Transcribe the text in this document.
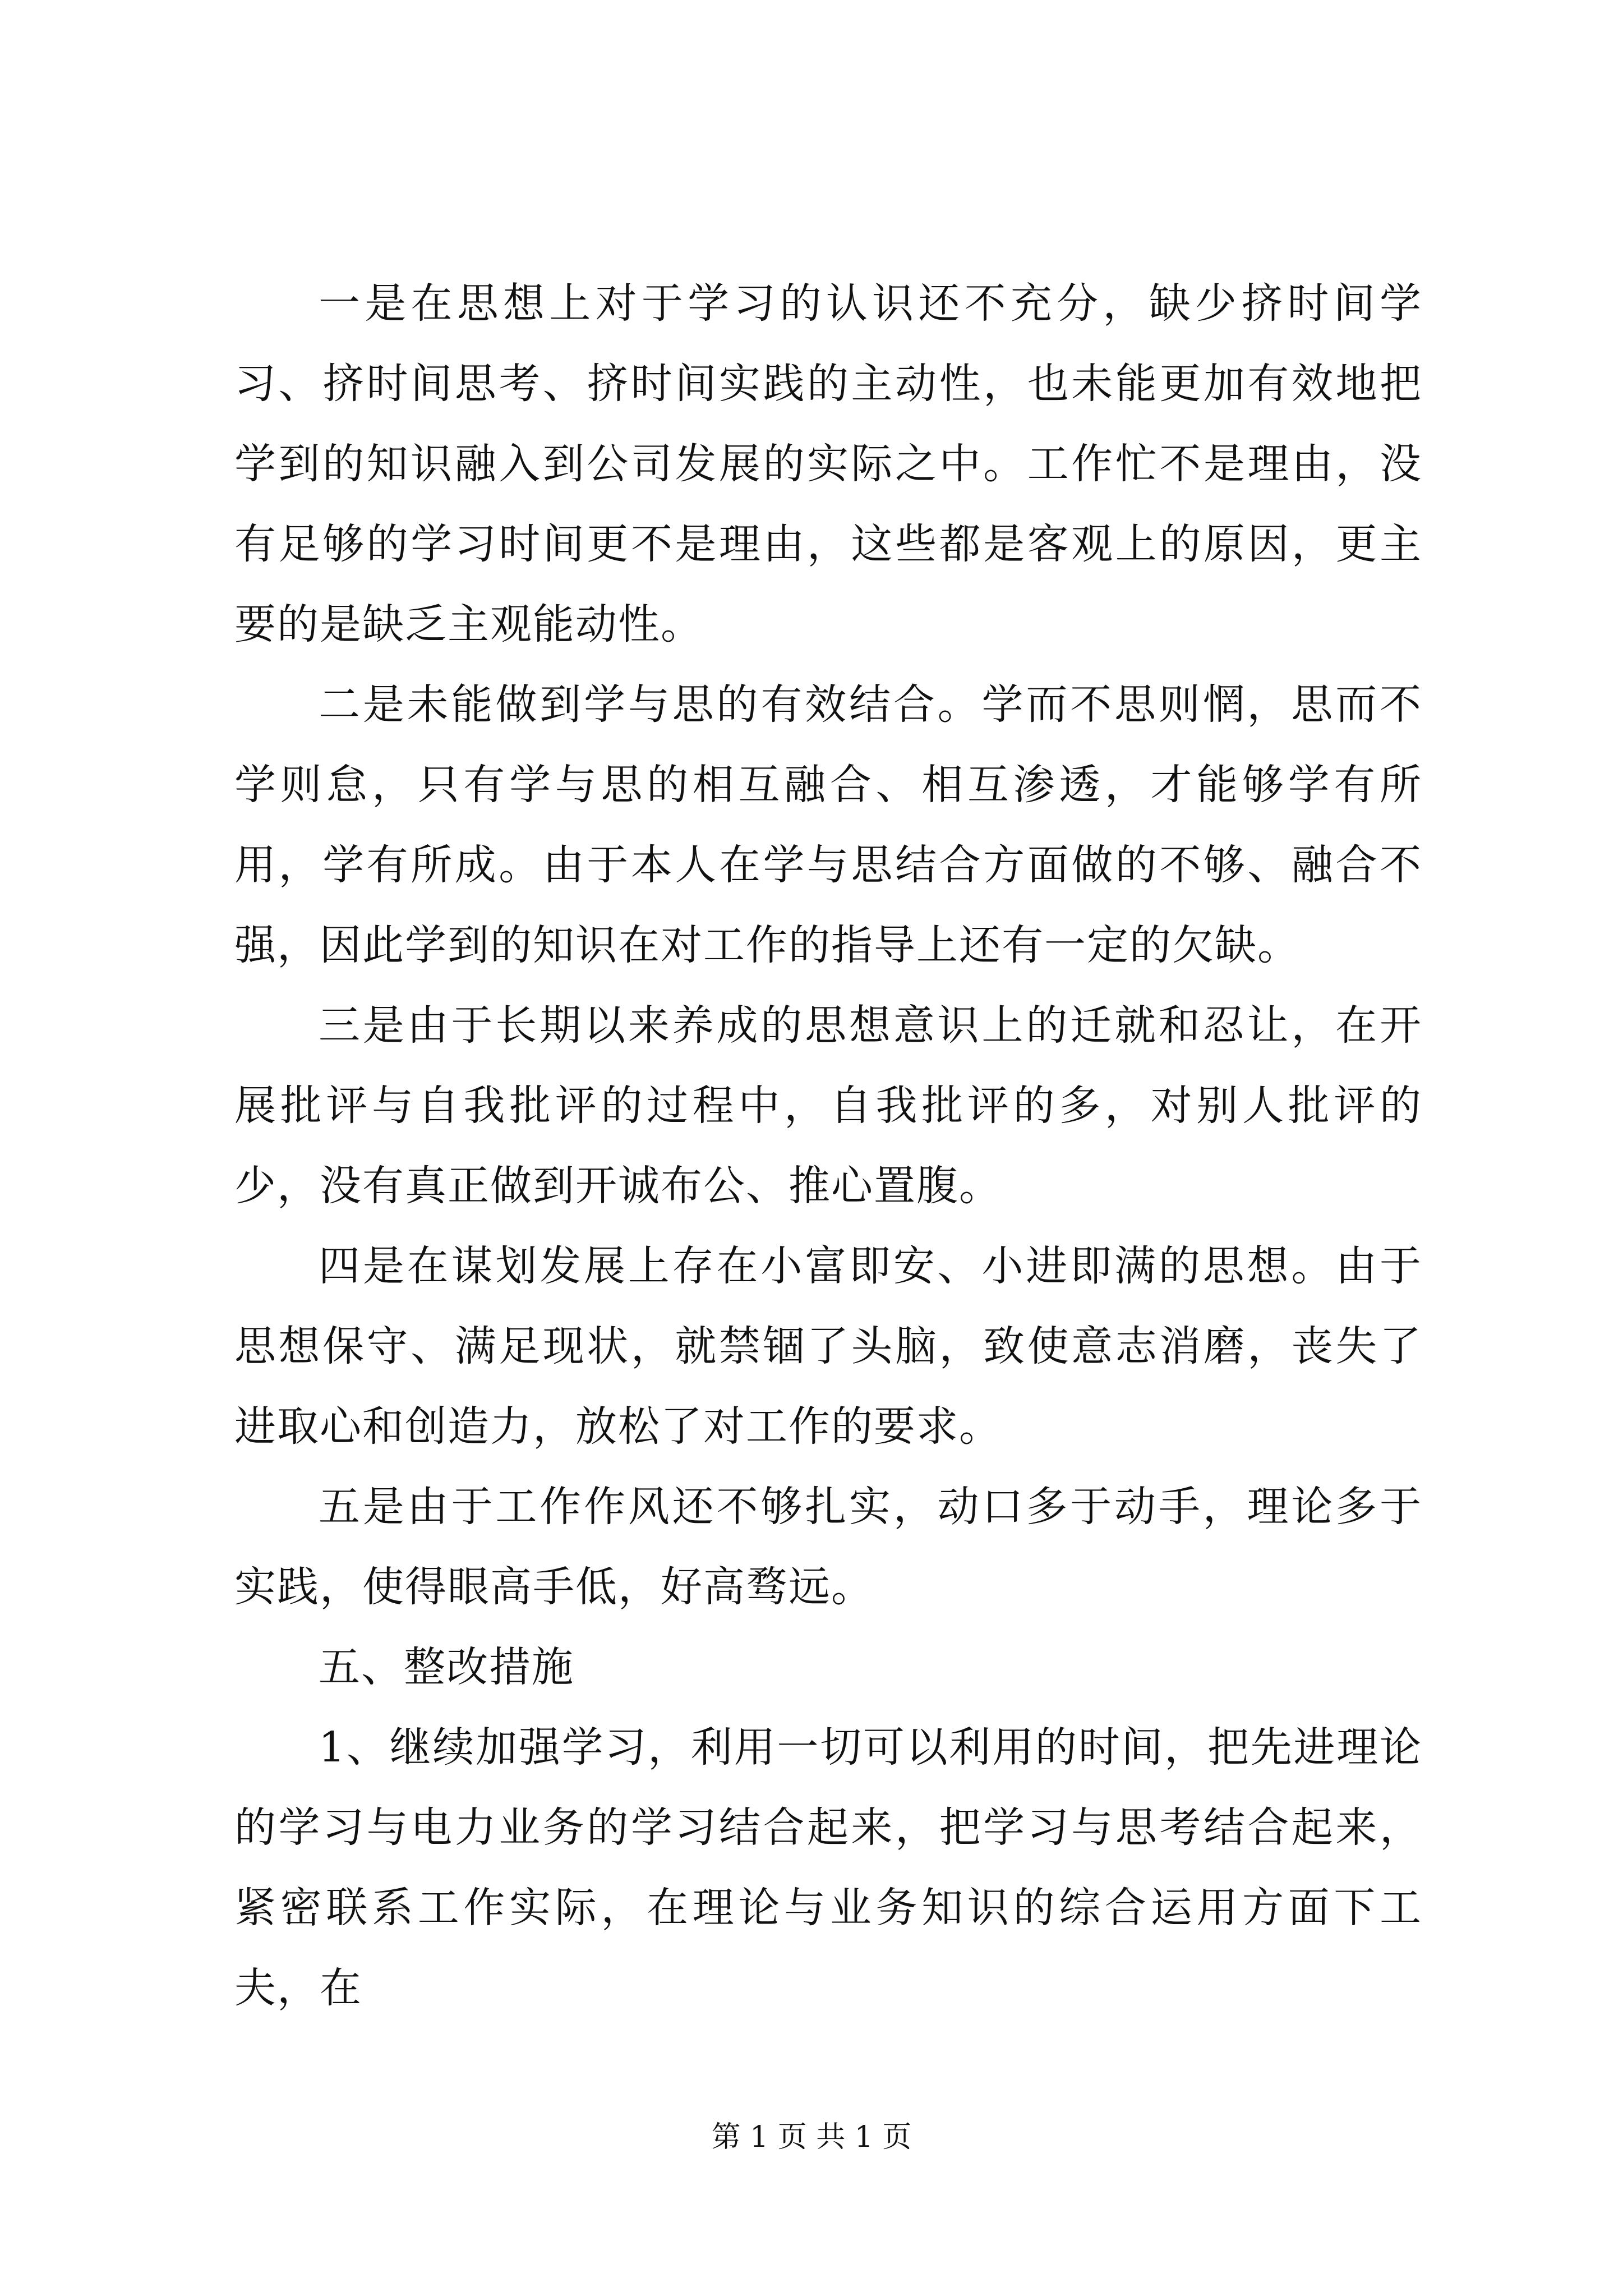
一是在思想上对于学习的认识还不充分，缺少挤时间学习、挤时间思考、挤时间实践的主动性，也未能更加有效地把学到的知识融入到公司发展的实际之中。工作忙不是理由，没有足够的学习时间更不是理由，这些都是客观上的原因，更主要的是缺乏主观能动性。

二是未能做到学与思的有效结合。学而不思则惘，思而不学则怠，只有学与思的相互融合、相互渗透，才能够学有所用，学有所成。由于本人在学与思结合方面做的不够、融合不强，因此学到的知识在对工作的指导上还有一定的欠缺。

三是由于长期以来养成的思想意识上的迁就和忍让，在开展批评与自我批评的过程中，自我批评的多，对别人批评的少，没有真正做到开诚布公、推心置腹。

四是在谋划发展上存在小富即安、小进即满的思想。由于思想保守、满足现状，就禁锢了头脑，致使意志消磨，丧失了进取心和创造力，放松了对工作的要求。

五是由于工作作风还不够扎实，动口多于动手，理论多于实践，使得眼高手低，好高骛远。

五、整改措施

1、继续加强学习，利用一切可以利用的时间，把先进理论的学习与电力业务的学习结合起来，把学习与思考结合起来，紧密联系工作实际，在理论与业务知识的综合运用方面下工夫，在

第 1 页 共 1 页
